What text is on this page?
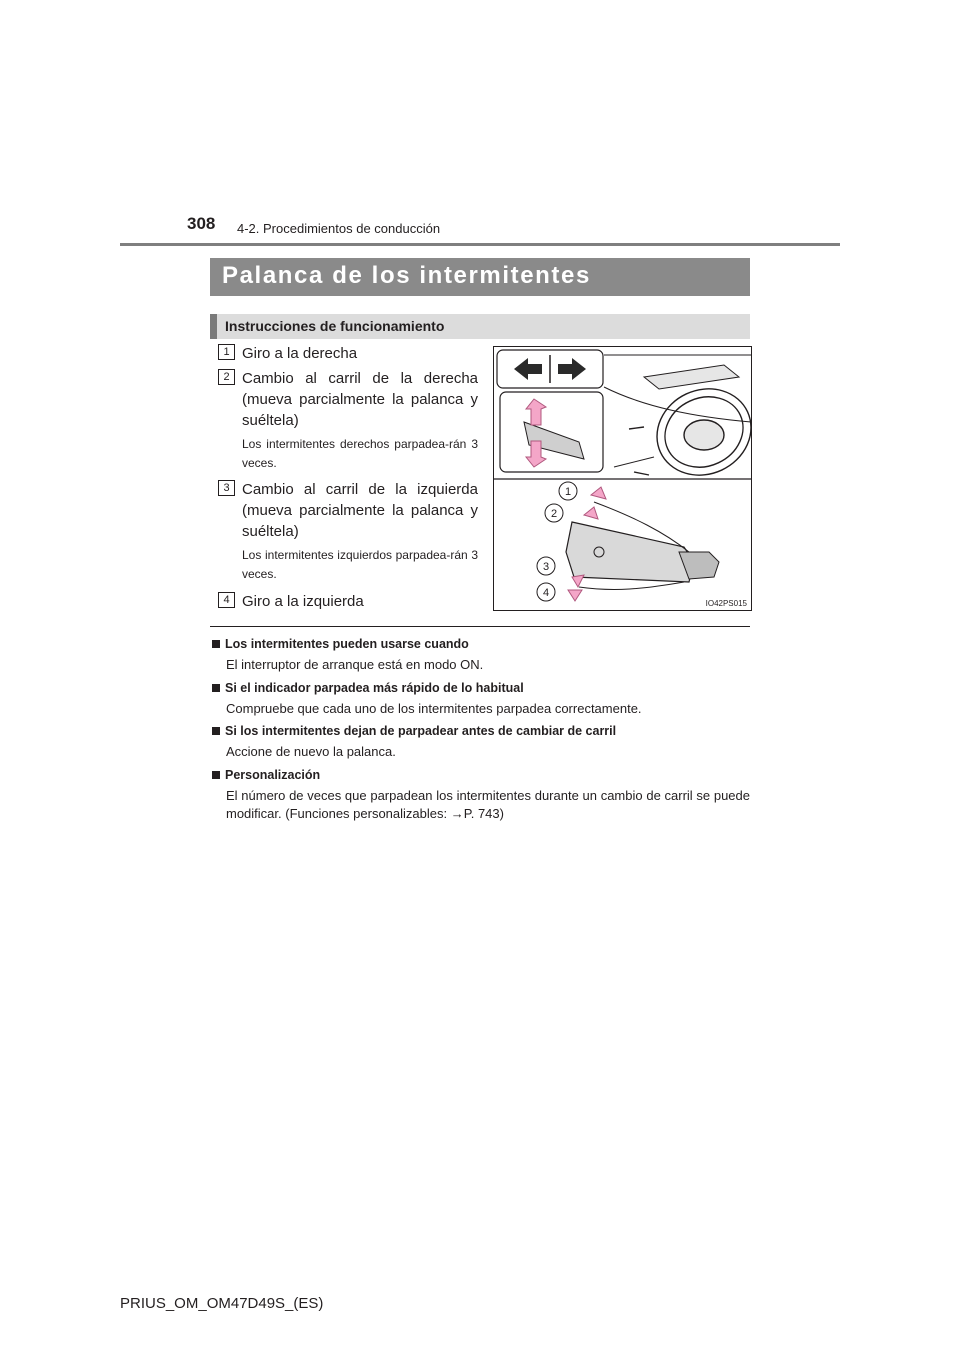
308 4-2. Procedimientos de conducción
Palanca de los intermitentes
Instrucciones de funcionamiento
1 Giro a la derecha
2 Cambio al carril de la derecha (mueva parcialmente la palanca y suéltela)
Los intermitentes derechos parpadea-rán 3 veces.
3 Cambio al carril de la izquierda (mueva parcialmente la palanca y suéltela)
Los intermitentes izquierdos parpadea-rán 3 veces.
4 Giro a la izquierda
1
2
3
4
IO42PS015
Los intermitentes pueden usarse cuando
El interruptor de arranque está en modo ON.
Si el indicador parpadea más rápido de lo habitual
Compruebe que cada uno de los intermitentes parpadea correctamente.
Si los intermitentes dejan de parpadear antes de cambiar de carril
Accione de nuevo la palanca.
Personalización
El número de veces que parpadean los intermitentes durante un cambio de carril se puede modificar. (Funciones personalizables: →P. 743)
PRIUS_OM_OM47D49S_(ES)
